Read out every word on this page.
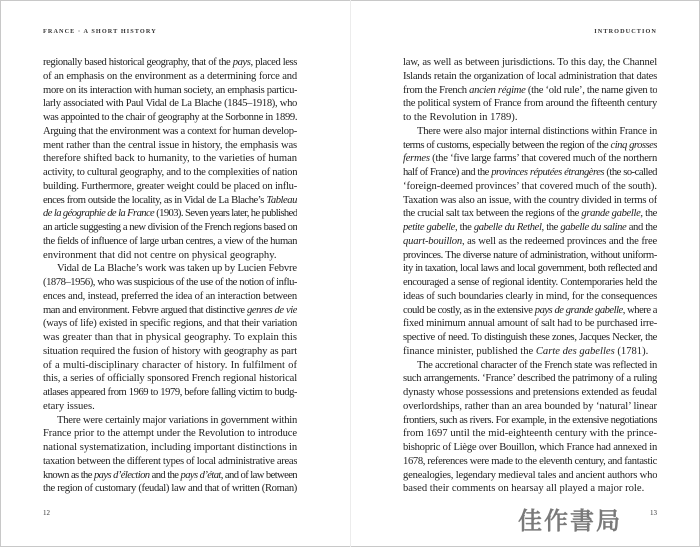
FRANCE · A SHORT HISTORY	INTRODUCTION
regionally based historical geography, that of the pays, placed less
of an emphasis on the environment as a determining force and
more on its interaction with human society, an emphasis particu-
larly associated with Paul Vidal de La Blache (1845–1918), who
was appointed to the chair of geography at the Sorbonne in 1899.
Arguing that the environment was a context for human develop-
ment rather than the central issue in history, the emphasis was
therefore shifted back to humanity, to the varieties of human
activity, to cultural geography, and to the complexities of nation
building. Furthermore, greater weight could be placed on influ-
ences from outside the locality, as in Vidal de La Blache’s Tableau
de la géographie de la France (1903). Seven years later, he published
an article suggesting a new division of the French regions based on
the fields of influence of large urban centres, a view of the human
environment that did not centre on physical geography.
Vidal de La Blache’s work was taken up by Lucien Febvre
(1878–1956), who was suspicious of the use of the notion of influ-
ences and, instead, preferred the idea of an interaction between
man and environment. Febvre argued that distinctive genres de vie
(ways of life) existed in specific regions, and that their variation
was greater than that in physical geography. To explain this
situation required the fusion of history with geography as part
of a multi-disciplinary character of history. In fulfilment of
this, a series of officially sponsored French regional historical
atlases appeared from 1969 to 1979, before falling victim to budg-
etary issues.
There were certainly major variations in government within
France prior to the attempt under the Revolution to introduce
national systematization, including important distinctions in
taxation between the different types of local administrative areas
known as the pays d’élection and the pays d’état, and of law between
the region of customary (feudal) law and that of written (Roman)
law, as well as between jurisdictions. To this day, the Channel
Islands retain the organization of local administration that dates
from the French ancien régime (the ‘old rule’, the name given to
the political system of France from around the fifteenth century
to the Revolution in 1789).
There were also major internal distinctions within France in
terms of customs, especially between the region of the cinq grosses
fermes (the ‘five large farms’ that covered much of the northern
half of France) and the provinces réputées étrangères (the so-called
‘foreign-deemed provinces’ that covered much of the south).
Taxation was also an issue, with the country divided in terms of
the crucial salt tax between the regions of the grande gabelle, the
petite gabelle, the gabelle du Rethel, the gabelle du saline and the
quart-bouillon, as well as the redeemed provinces and the free
provinces. The diverse nature of administration, without uniform-
ity in taxation, local laws and local government, both reflected and
encouraged a sense of regional identity. Contemporaries held the
ideas of such boundaries clearly in mind, for the consequences
could be costly, as in the extensive pays de grande gabelle, where a
fixed minimum annual amount of salt had to be purchased irre-
spective of need. To distinguish these zones, Jacques Necker, the
finance minister, published the Carte des gabelles (1781).
The accretional character of the French state was reflected in
such arrangements. ‘France’ described the patrimony of a ruling
dynasty whose possessions and pretensions extended as feudal
overlordships, rather than an area bounded by ‘natural’ linear
frontiers, such as rivers. For example, in the extensive negotiations
from 1697 until the mid-eighteenth century with the prince-
bishopric of Liège over Bouillon, which France had annexed in
1678, references were made to the eleventh century, and fantastic
genealogies, legendary medieval tales and ancient authors who
based their comments on hearsay all played a major role.
12	13
佳作書局
